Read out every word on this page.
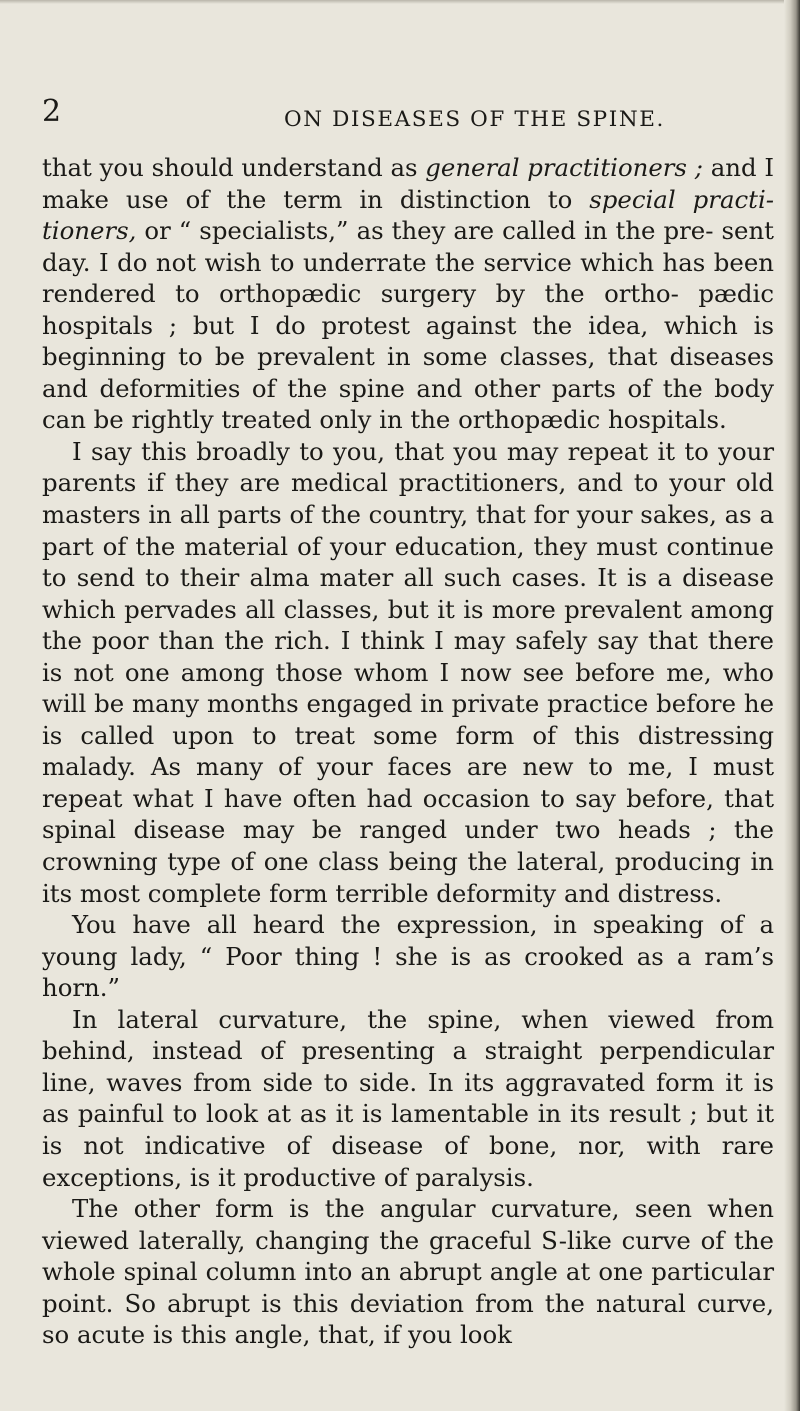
2	ON DISEASES OF THE SPINE.

that you should understand as general practitioners ; and I make use of the term in distinction to special practi- tioners, or “ specialists,” as they are called in the pre- sent day. I do not wish to underrate the service which has been rendered to orthopædic surgery by the ortho- pædic hospitals ; but I do protest against the idea, which is beginning to be prevalent in some classes, that diseases and deformities of the spine and other parts of the body can be rightly treated only in the orthopædic hospitals.

I say this broadly to you, that you may repeat it to your parents if they are medical practitioners, and to your old masters in all parts of the country, that for your sakes, as a part of the material of your education, they must continue to send to their alma mater all such cases. It is a disease which pervades all classes, but it is more prevalent among the poor than the rich. I think I may safely say that there is not one among those whom I now see before me, who will be many months engaged in private practice before he is called upon to treat some form of this distressing malady. As many of your faces are new to me, I must repeat what I have often had occasion to say before, that spinal disease may be ranged under two heads ; the crowning type of one class being the lateral, producing in its most complete form terrible deformity and distress.

You have all heard the expression, in speaking of a young lady, “ Poor thing ! she is as crooked as a ram’s horn.”

In lateral curvature, the spine, when viewed from behind, instead of presenting a straight perpendicular line, waves from side to side. In its aggravated form it is as painful to look at as it is lamentable in its result ; but it is not indicative of disease of bone, nor, with rare exceptions, is it productive of paralysis.

The other form is the angular curvature, seen when viewed laterally, changing the graceful S-like curve of the whole spinal column into an abrupt angle at one particular point. So abrupt is this deviation from the natural curve, so acute is this angle, that, if you look
